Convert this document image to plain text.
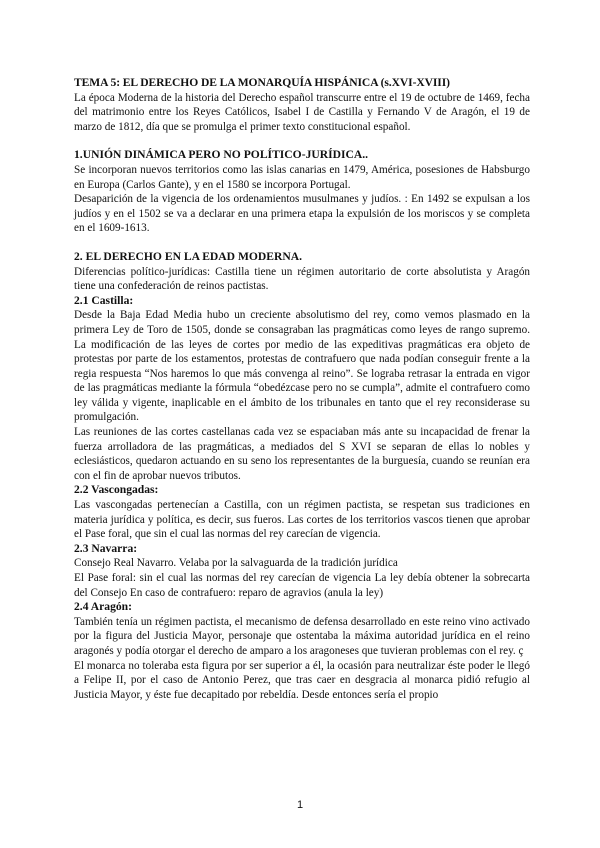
TEMA 5: EL DERECHO DE LA MONARQUÍA HISPÁNICA (s.XVI-XVIII)

La época Moderna de la historia del Derecho español transcurre entre el 19 de octubre de 1469, fecha del matrimonio entre los Reyes Católicos, Isabel I de Castilla y Fernando V de Aragón, el 19 de marzo de 1812, día que se promulga el primer texto constitucional español.

1.UNIÓN DINÁMICA PERO NO POLÍTICO-JURÍDICA..

Se incorporan nuevos territorios como las islas canarias en 1479, América, posesiones de Habsburgo en Europa (Carlos Gante), y en el 1580 se incorpora Portugal.

Desaparición de la vigencia de los ordenamientos musulmanes y judíos. : En 1492 se expulsan a los judíos y en el 1502 se va a declarar en una primera etapa la expulsión de los moriscos y se completa en el 1609-1613.

2. EL DERECHO EN LA EDAD MODERNA.

Diferencias político-jurídicas: Castilla tiene un régimen autoritario de corte absolutista y Aragón tiene una confederación de reinos pactistas.

2.1 Castilla:

Desde la Baja Edad Media hubo un creciente absolutismo del rey, como vemos plasmado en la primera Ley de Toro de 1505, donde se consagraban las pragmáticas como leyes de rango supremo. La modificación de las leyes de cortes por medio de las expeditivas pragmáticas era objeto de protestas por parte de los estamentos, protestas de contrafuero que nada podían conseguir frente a la regia respuesta “Nos haremos lo que más convenga al reino”. Se lograba retrasar la entrada en vigor de las pragmáticas mediante la fórmula “obedézcase pero no se cumpla”, admite el contrafuero como ley válida y vigente, inaplicable en el ámbito de los tribunales en tanto que el rey reconsiderase su promulgación.

Las reuniones de las cortes castellanas cada vez se espaciaban más ante su incapacidad de frenar la fuerza arrolladora de las pragmáticas, a mediados del S XVI se separan de ellas lo nobles y eclesiásticos, quedaron actuando en su seno los representantes de la burguesía, cuando se reunían era con el fin de aprobar nuevos tributos.

2.2 Vascongadas:

Las vascongadas pertenecían a Castilla, con un régimen pactista, se respetan sus tradiciones en materia jurídica y política, es decir, sus fueros. Las cortes de los territorios vascos tienen que aprobar el Pase foral, que sin el cual las normas del rey carecían de vigencia.

2.3 Navarra:

Consejo Real Navarro. Velaba por la salvaguarda de la tradición jurídica

El Pase foral: sin el cual las normas del rey carecían de vigencia La ley debía obtener la sobrecarta del Consejo En caso de contrafuero: reparo de agravios (anula la ley)

2.4 Aragón:

También tenía un régimen pactista, el mecanismo de defensa desarrollado en este reino vino activado por la figura del Justicia Mayor, personaje que ostentaba la máxima autoridad jurídica en el reino aragonés y podía otorgar el derecho de amparo a los aragoneses que tuvieran problemas con el rey. ç

El monarca no toleraba esta figura por ser superior a él, la ocasión para neutralizar éste poder le llegó a Felipe II, por el caso de Antonio Perez, que tras caer en desgracia al monarca pidió refugio al Justicia Mayor, y éste fue decapitado por rebeldía. Desde entonces sería el propio

1
